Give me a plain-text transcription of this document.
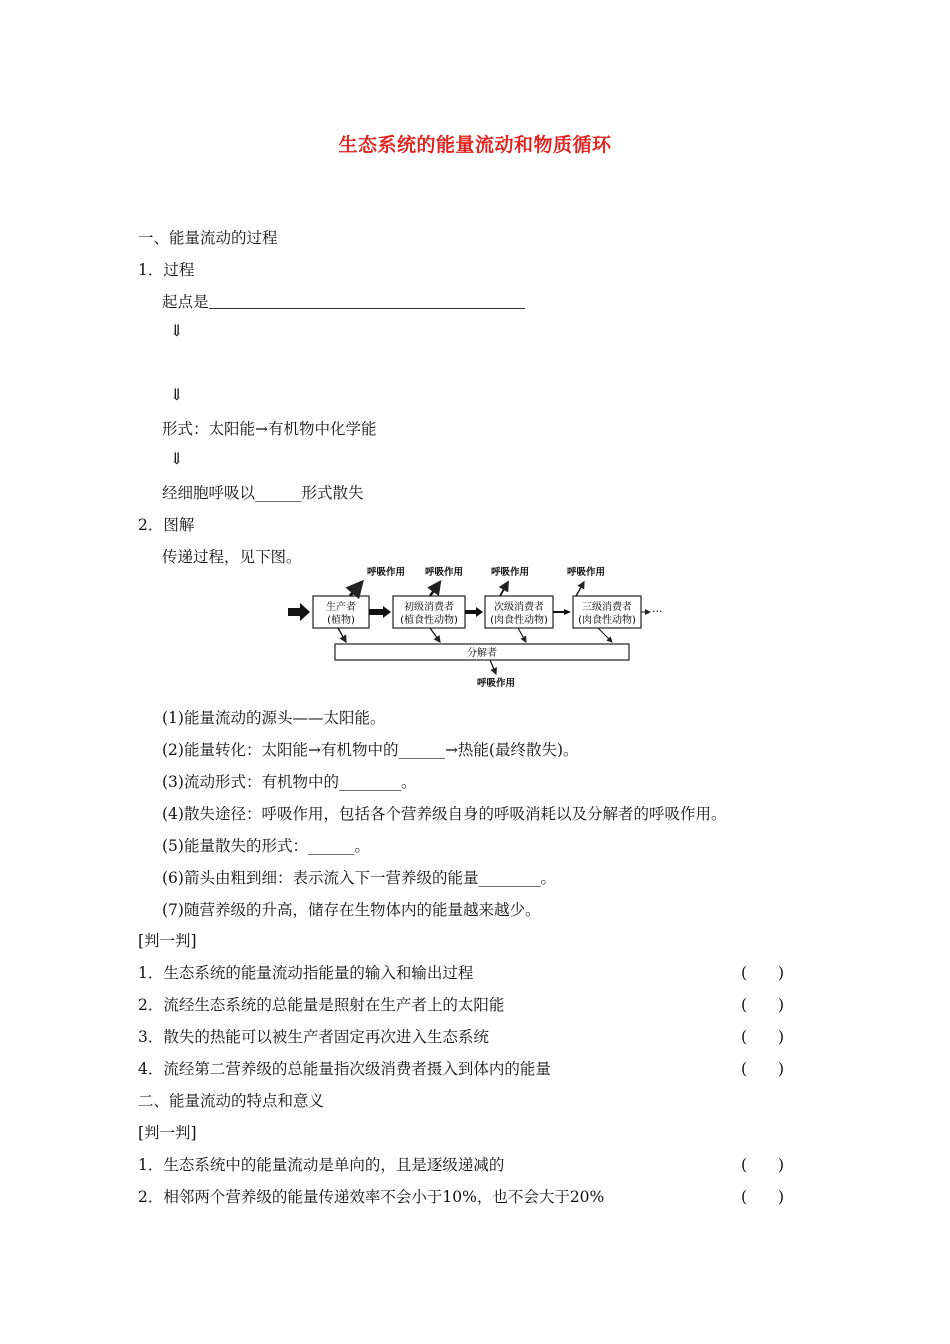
生态系统的能量流动和物质循环
一、能量流动的过程
1．过程
起点是
⇓
⇓
形式：太阳能→有机物中化学能
⇓
经细胞呼吸以______形式散失
2．图解
传递过程，见下图。
生产者
(植物)
初级消费者
(植食性动物)
次级消费者
(肉食性动物)
三级消费者
(肉食性动物)
分解者
···
呼吸作用 呼吸作用	呼吸作用	呼吸作用
呼吸作用
(1)能量流动的源头——太阳能。
(2)能量转化：太阳能→有机物中的______→热能(最终散失)。
(3)流动形式：有机物中的________。
(4)散失途径：呼吸作用，包括各个营养级自身的呼吸消耗以及分解者的呼吸作用。
(5)能量散失的形式：______。
(6)箭头由粗到细：表示流入下一营养级的能量________。
(7)随营养级的升高，储存在生物体内的能量越来越少。
[判一判]
1．生态系统的能量流动指能量的输入和输出过程	(　　)
2．流经生态系统的总能量是照射在生产者上的太阳能	(　　)
3．散失的热能可以被生产者固定再次进入生态系统	(　　)
4．流经第二营养级的总能量指次级消费者摄入到体内的能量	(　　)
二、能量流动的特点和意义
[判一判]
1．生态系统中的能量流动是单向的，且是逐级递减的	(　　)
2．相邻两个营养级的能量传递效率不会小于10%，也不会大于20%	(　　)
